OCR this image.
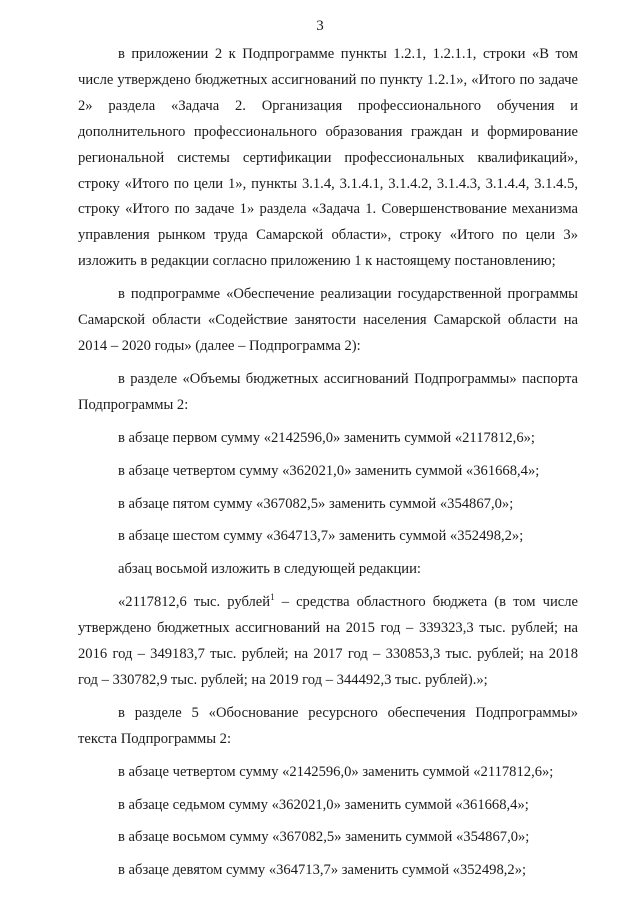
3

в приложении 2 к Подпрограмме пункты 1.2.1, 1.2.1.1, строки «В том числе утверждено бюджетных ассигнований по пункту 1.2.1», «Итого по задаче 2» раздела «Задача 2. Организация профессионального обучения и дополнительного профессионального образования граждан и формирование региональной системы сертификации профессиональных квалификаций», строку «Итого по цели 1», пункты 3.1.4, 3.1.4.1, 3.1.4.2, 3.1.4.3, 3.1.4.4, 3.1.4.5, строку «Итого по задаче 1» раздела «Задача 1. Совершенствование механизма управления рынком труда Самарской области», строку «Итого по цели 3» изложить в редакции согласно приложению 1 к настоящему постановлению;

в подпрограмме «Обеспечение реализации государственной программы Самарской области «Содействие занятости населения Самарской области на 2014 – 2020 годы» (далее – Подпрограмма 2):

в разделе «Объемы бюджетных ассигнований Подпрограммы» паспорта Подпрограммы 2:

в абзаце первом сумму «2142596,0» заменить суммой «2117812,6»;

в абзаце четвертом сумму «362021,0» заменить суммой «361668,4»;

в абзаце пятом сумму «367082,5» заменить суммой «354867,0»;

в абзаце шестом сумму «364713,7» заменить суммой «352498,2»;

абзац восьмой изложить в следующей редакции:

«2117812,6 тыс. рублей$^1$ – средства областного бюджета (в том числе утверждено бюджетных ассигнований на 2015 год – 339323,3 тыс. рублей; на 2016 год – 349183,7 тыс. рублей; на 2017 год – 330853,3 тыс. рублей; на 2018 год – 330782,9 тыс. рублей; на 2019 год – 344492,3 тыс. рублей).»;

в разделе 5 «Обоснование ресурсного обеспечения Подпрограммы» текста Подпрограммы 2:

в абзаце четвертом сумму «2142596,0» заменить суммой «2117812,6»;

в абзаце седьмом сумму «362021,0» заменить суммой «361668,4»;

в абзаце восьмом сумму «367082,5» заменить суммой «354867,0»;

в абзаце девятом сумму «364713,7» заменить суммой «352498,2»;
